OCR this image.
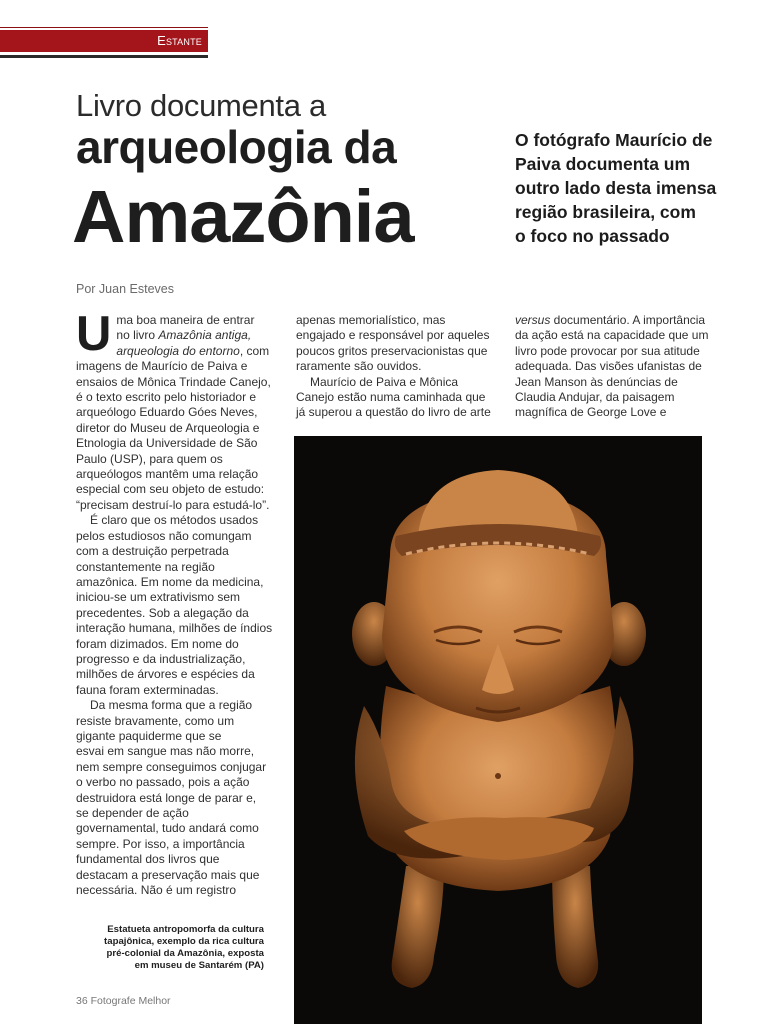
Estante
Livro documenta a
arqueologia da
Amazônia
O fotógrafo Maurício de
Paiva documenta um
outro lado desta imensa
região brasileira, com
o foco no passado
Por Juan Esteves
U ma boa maneira de entrar
no livro Amazônia antiga,
arqueologia do entorno, com
imagens de Maurício de Paiva e
ensaios de Mônica Trindade Canejo,
é o texto escrito pelo historiador e
arqueólogo Eduardo Góes Neves,
diretor do Museu de Arqueologia e
Etnologia da Universidade de São
Paulo (USP), para quem os
arqueólogos mantêm uma relação
especial com seu objeto de estudo:
“precisam destruí-lo para estudá-lo”.
É claro que os métodos usados
pelos estudiosos não comungam
com a destruição perpetrada
constantemente na região
amazônica. Em nome da medicina,
iniciou-se um extrativismo sem
precedentes. Sob a alegação da
interação humana, milhões de índios
foram dizimados. Em nome do
progresso e da industrialização,
milhões de árvores e espécies da
fauna foram exterminadas.
Da mesma forma que a região
resiste bravamente, como um
gigante paquiderme que se
esvai em sangue mas não morre,
nem sempre conseguimos conjugar
o verbo no passado, pois a ação
destruidora está longe de parar e,
se depender de ação
governamental, tudo andará como
sempre. Por isso, a importância
fundamental dos livros que
destacam a preservação mais que
necessária. Não é um registro
apenas memorialístico, mas
engajado e responsável por aqueles
poucos gritos preservacionistas que
raramente são ouvidos.
Maurício de Paiva e Mônica
Canejo estão numa caminhada que
já superou a questão do livro de arte
versus documentário. A importância
da ação está na capacidade que um
livro pode provocar por sua atitude
adequada. Das visões ufanistas de
Jean Manson às denúncias de
Claudia Andujar, da paisagem
magnífica de George Love e
Estatueta antropomorfa da cultura
tapajônica, exemplo da rica cultura
pré-colonial da Amazônia, exposta
em museu de Santarém (PA)
36 Fotografe Melhor
